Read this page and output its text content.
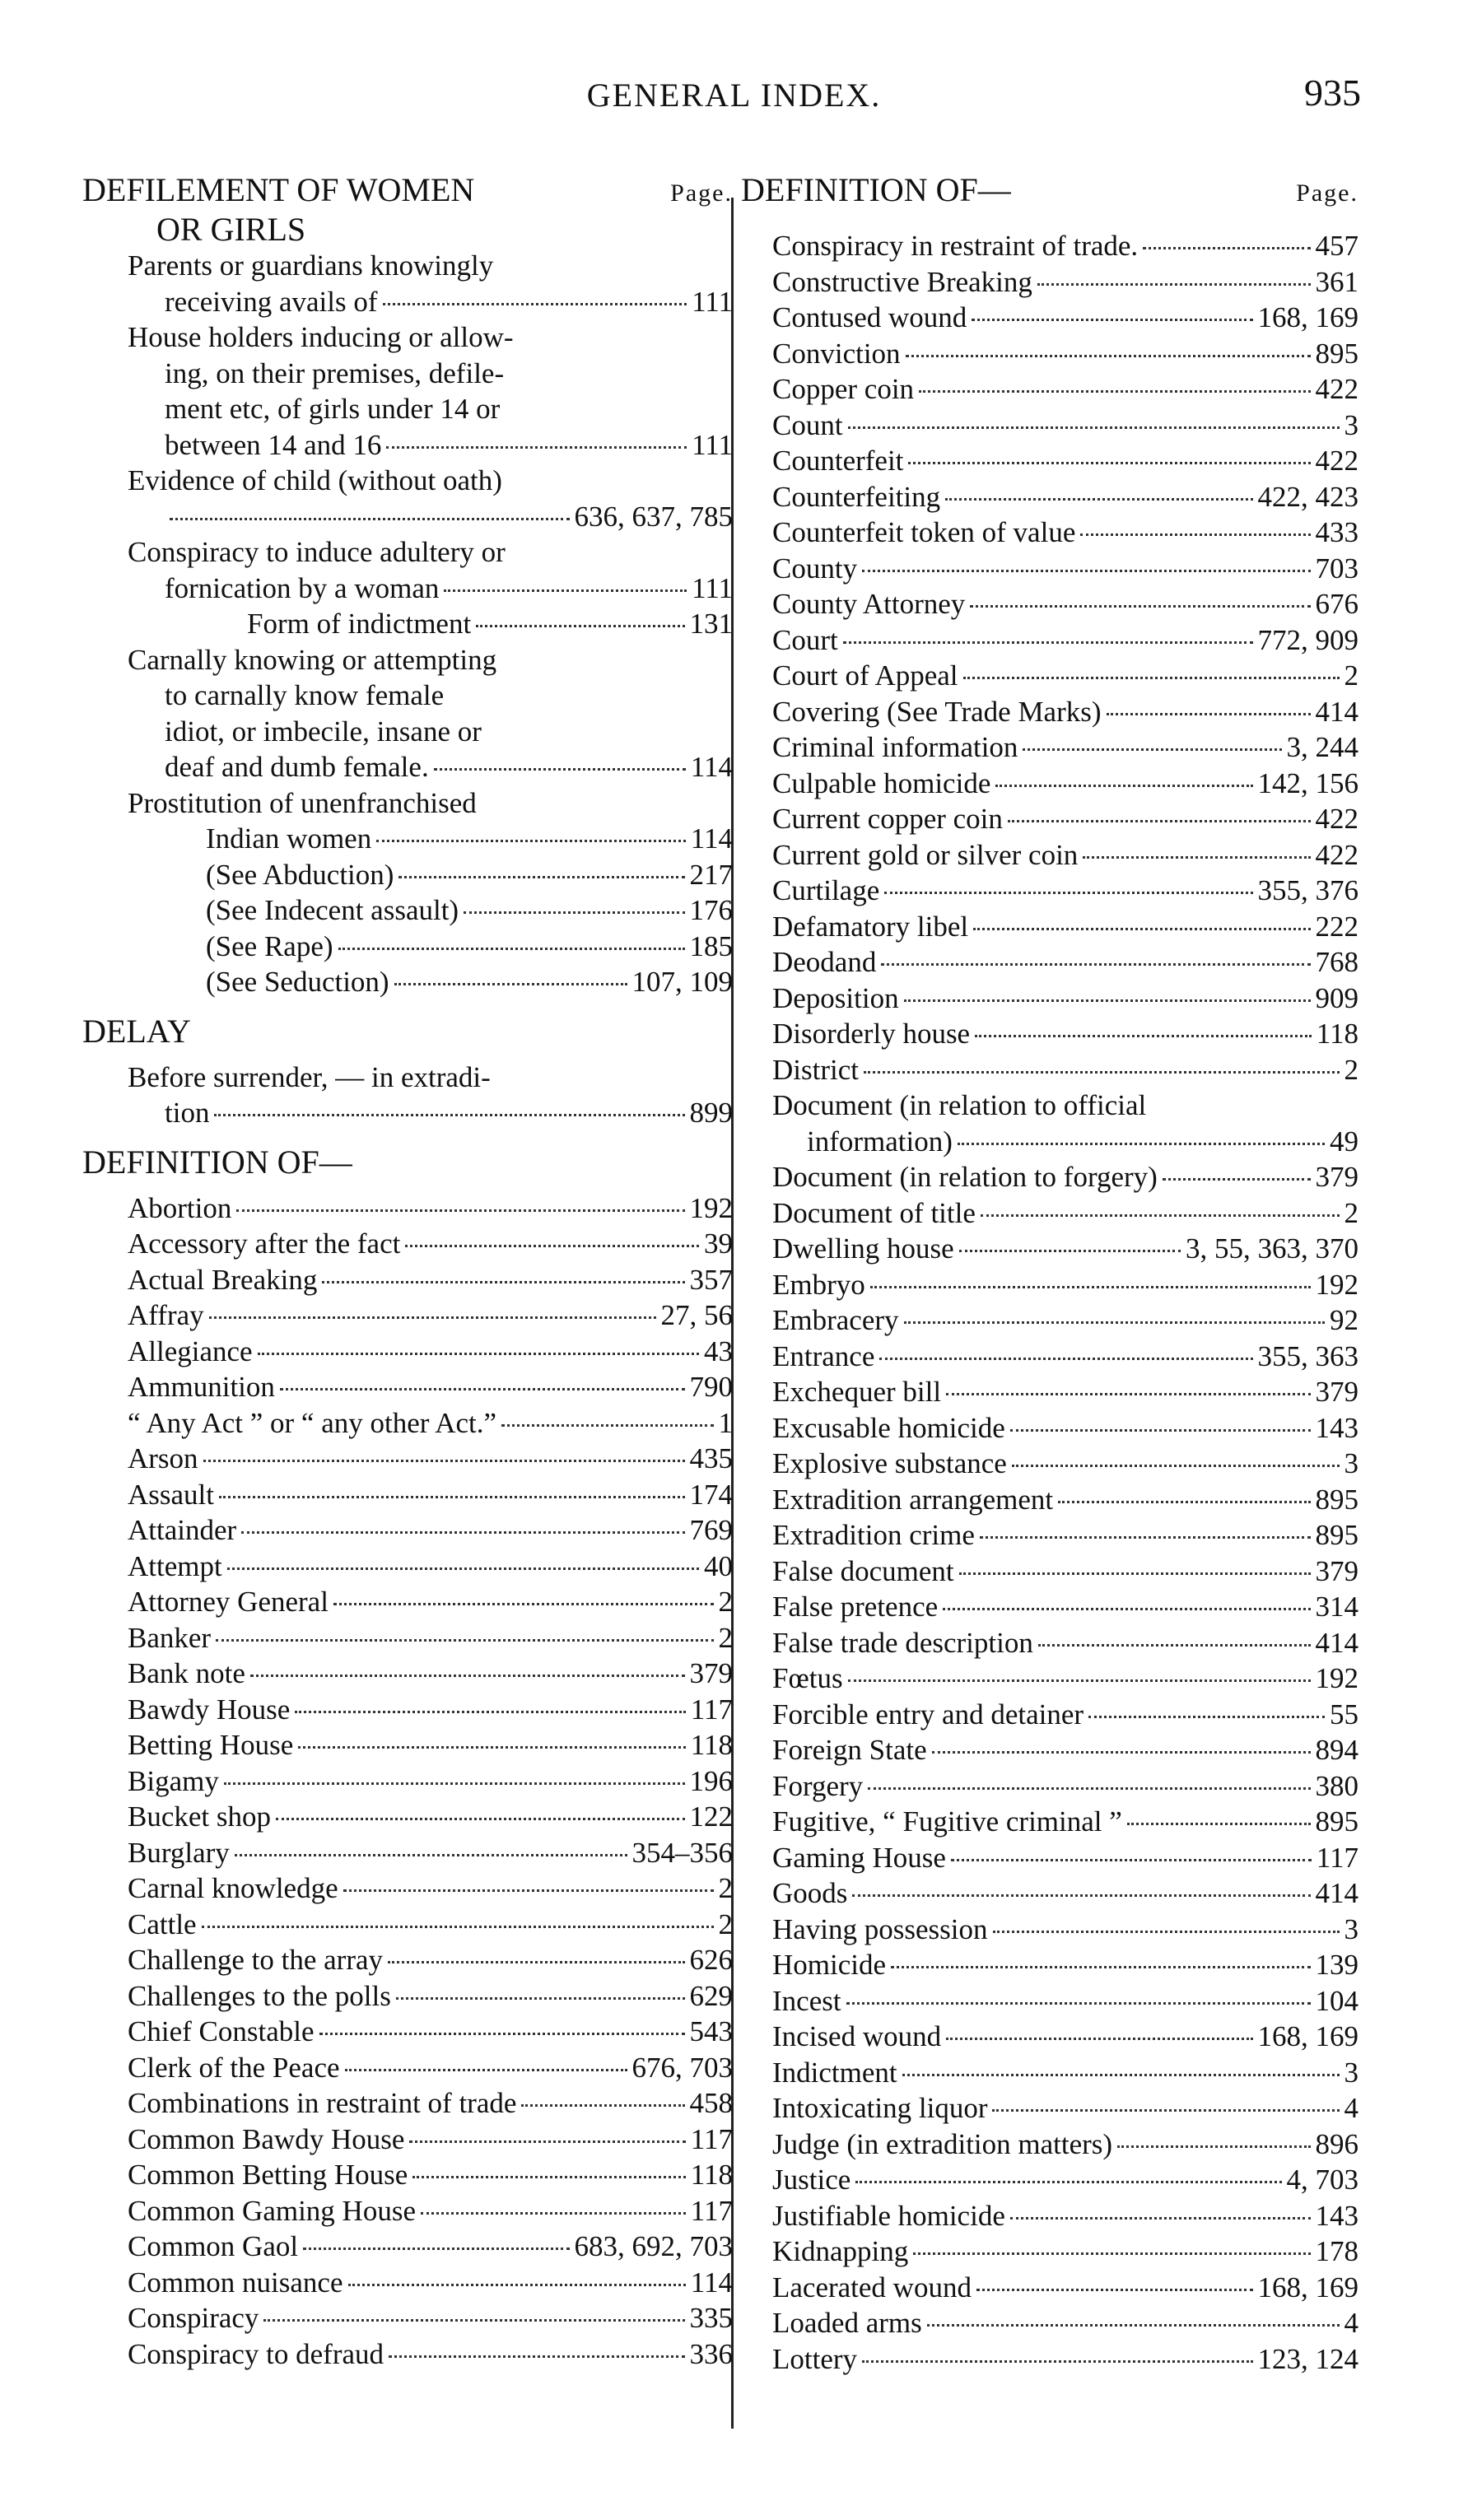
GENERAL INDEX.	935
DEFILEMENT OF WOMEN	Page.
OR GIRLS
Parents or guardians knowingly
receiving avails of	111
House holders inducing or allow-
ing, on their premises, defile-
ment etc, of girls under 14 or
between 14 and 16	111
Evidence of child (without oath)
636, 637, 785
Conspiracy to induce adultery or
fornication by a woman	111
Form of indictment	131
Carnally knowing or attempting
to carnally know female
idiot, or imbecile, insane or
deaf and dumb female.	114
Prostitution of unenfranchised
Indian women	114
(See Abduction)	217
(See Indecent assault)	176
(See Rape)	185
(See Seduction)	107, 109
DELAY
Before surrender, — in extradi-
tion	899
DEFINITION OF—
Abortion	192
Accessory after the fact	39
Actual Breaking	357
Affray	27, 56
Allegiance	43
Ammunition	790
“ Any Act ” or “ any other Act.”	1
Arson	435
Assault	174
Attainder	769
Attempt	40
Attorney General	2
Banker	2
Bank note	379
Bawdy House	117
Betting House	118
Bigamy	196
Bucket shop	122
Burglary	354–356
Carnal knowledge	2
Cattle	2
Challenge to the array	626
Challenges to the polls	629
Chief Constable	543
Clerk of the Peace	676, 703
Combinations in restraint of trade	458
Common Bawdy House	117
Common Betting House	118
Common Gaming House	117
Common Gaol	683, 692, 703
Common nuisance	114
Conspiracy	335
Conspiracy to defraud	336
DEFINITION OF—	Page.
Conspiracy in restraint of trade.	457
Constructive Breaking	361
Contused wound	168, 169
Conviction	895
Copper coin	422
Count	3
Counterfeit	422
Counterfeiting	422, 423
Counterfeit token of value	433
County	703
County Attorney	676
Court	772, 909
Court of Appeal	2
Covering (See Trade Marks)	414
Criminal information	3, 244
Culpable homicide	142, 156
Current copper coin	422
Current gold or silver coin	422
Curtilage	355, 376
Defamatory libel	222
Deodand	768
Deposition	909
Disorderly house	118
District	2
Document (in relation to official
information)	49
Document (in relation to forgery)	379
Document of title	2
Dwelling house	3, 55, 363, 370
Embryo	192
Embracery	92
Entrance	355, 363
Exchequer bill	379
Excusable homicide	143
Explosive substance	3
Extradition arrangement	895
Extradition crime	895
False document	379
False pretence	314
False trade description	414
Fœtus	192
Forcible entry and detainer	55
Foreign State	894
Forgery	380
Fugitive, “ Fugitive criminal ”	895
Gaming House	117
Goods	414
Having possession	3
Homicide	139
Incest	104
Incised wound	168, 169
Indictment	3
Intoxicating liquor	4
Judge (in extradition matters)	896
Justice	4, 703
Justifiable homicide	143
Kidnapping	178
Lacerated wound	168, 169
Loaded arms	4
Lottery	123, 124
